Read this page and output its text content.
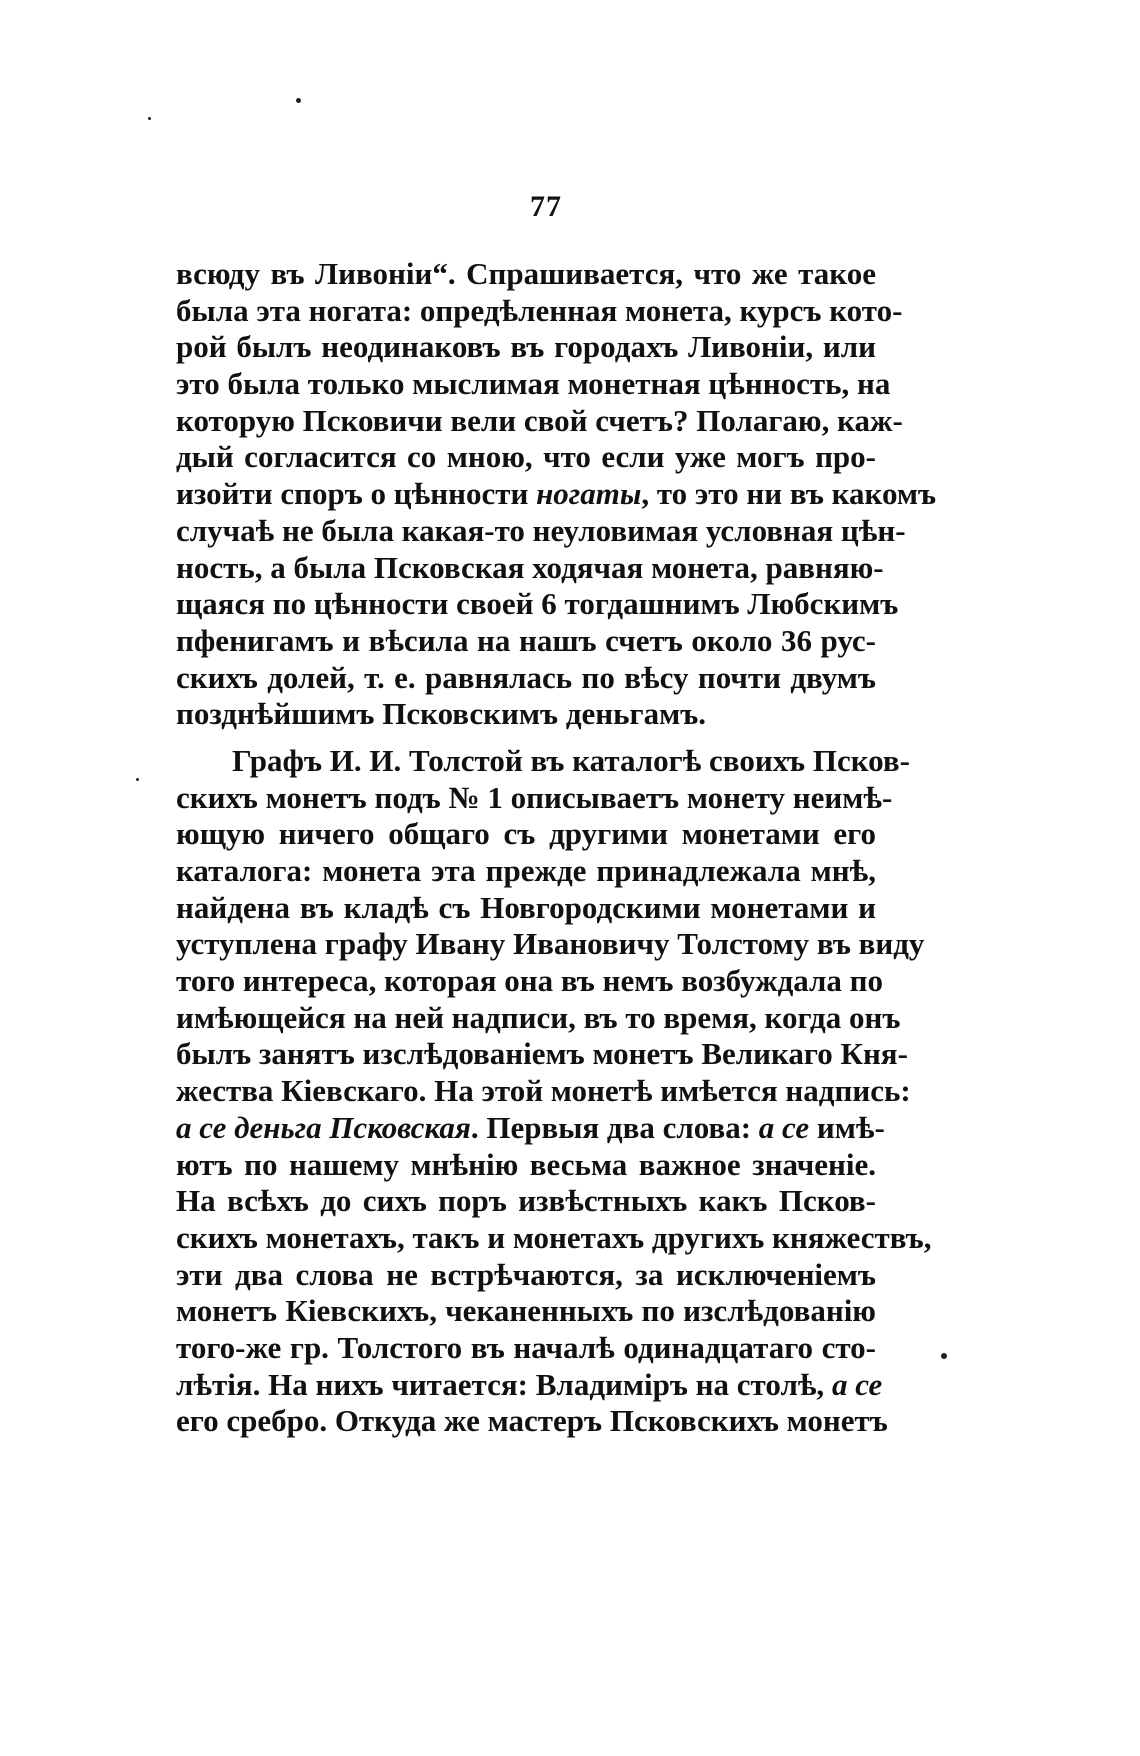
77
всюду въ Ливоніи“. Спрашивается, что же такое
была эта ногата: опредѣленная монета, курсъ кото-
рой былъ неодинаковъ въ городахъ Ливоніи, или
это была только мыслимая монетная цѣнность, на
которую Псковичи вели свой счетъ? Полагаю, каж-
дый согласится со мною, что если уже могъ про-
изойти споръ о цѣнности ногаты, то это ни въ какомъ
случаѣ не была какая-то неуловимая условная цѣн-
ность, а была Псковская ходячая монета, равняю-
щаяся по цѣнности своей 6 тогдашнимъ Любскимъ
пфенигамъ и вѣсила на нашъ счетъ около 36 рус-
скихъ долей, т. е. равнялась по вѣсу почти двумъ
позднѣйшимъ Псковскимъ деньгамъ.
Графъ И. И. Толстой въ каталогѣ своихъ Псков-
скихъ монетъ подъ № 1 описываетъ монету неимѣ-
ющую ничего общаго съ другими монетами его
каталога: монета эта прежде принадлежала мнѣ,
найдена въ кладѣ съ Новгородскими монетами и
уступлена графу Ивану Ивановичу Толстому въ виду
того интереса, которая она въ немъ возбуждала по
имѣющейся на ней надписи, въ то время, когда онъ
былъ занятъ изслѣдованіемъ монетъ Великаго Кня-
жества Кіевскаго. На этой монетѣ имѣется надпись:
а се деньга Псковская. Первыя два слова: а се имѣ-
ютъ по нашему мнѣнію весьма важное значеніе.
На всѣхъ до сихъ поръ извѣстныхъ какъ Псков-
скихъ монетахъ, такъ и монетахъ другихъ княжествъ,
эти два слова не встрѣчаются, за исключеніемъ
монетъ Кіевскихъ, чеканенныхъ по изслѣдованію
того-же гр. Толстого въ началѣ одинадцатаго сто-
лѣтія. На нихъ читается: Владиміръ на столѣ, а се
его сребро. Откуда же мастеръ Псковскихъ монетъ
